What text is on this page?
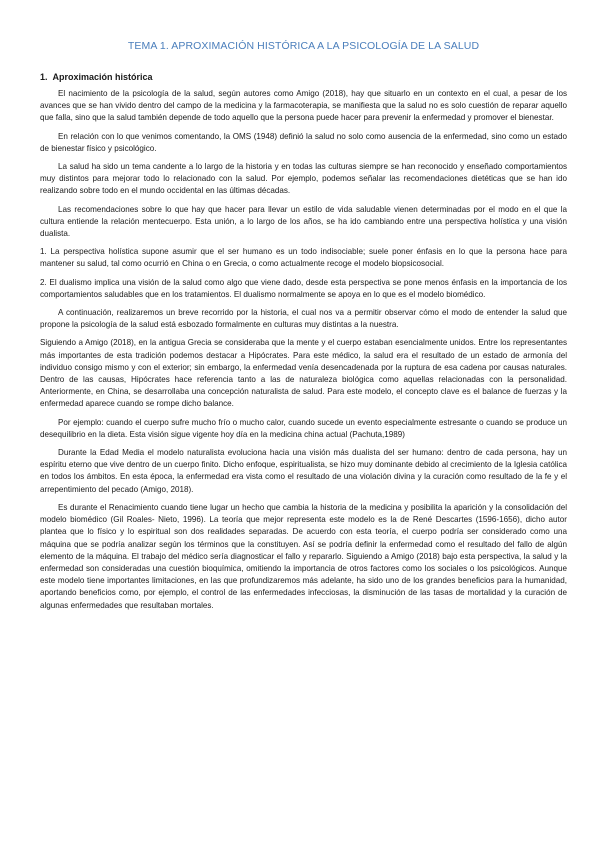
TEMA 1. APROXIMACIÓN HISTÓRICA A LA PSICOLOGÍA DE LA SALUD
1. Aproximación histórica

El nacimiento de la psicología de la salud, según autores como Amigo (2018), hay que situarlo en un contexto en el cual, a pesar de los avances que se han vivido dentro del campo de la medicina y la farmacoterapia, se manifiesta que la salud no es solo cuestión de reparar aquello que falla, sino que la salud también depende de todo aquello que la persona puede hacer para prevenir la enfermedad y promover el bienestar.

En relación con lo que venimos comentando, la OMS (1948) definió la salud no solo como ausencia de la enfermedad, sino como un estado de bienestar físico y psicológico.

La salud ha sido un tema candente a lo largo de la historia y en todas las culturas siempre se han reconocido y enseñado comportamientos muy distintos para mejorar todo lo relacionado con la salud. Por ejemplo, podemos señalar las recomendaciones dietéticas que se han ido realizando sobre todo en el mundo occidental en las últimas décadas.

Las recomendaciones sobre lo que hay que hacer para llevar un estilo de vida saludable vienen determinadas por el modo en el que la cultura entiende la relación mentecuerpo. Esta unión, a lo largo de los años, se ha ido cambiando entre una perspectiva holística y una visión dualista.

1. La perspectiva holística supone asumir que el ser humano es un todo indisociable; suele poner énfasis en lo que la persona hace para mantener su salud, tal como ocurrió en China o en Grecia, o como actualmente recoge el modelo biopsicosocial.

2. El dualismo implica una visión de la salud como algo que viene dado, desde esta perspectiva se pone menos énfasis en la importancia de los comportamientos saludables que en los tratamientos. El dualismo normalmente se apoya en lo que es el modelo biomédico.

A continuación, realizaremos un breve recorrido por la historia, el cual nos va a permitir observar cómo el modo de entender la salud que propone la psicología de la salud está esbozado formalmente en culturas muy distintas a la nuestra.

Siguiendo a Amigo (2018), en la antigua Grecia se consideraba que la mente y el cuerpo estaban esencialmente unidos. Entre los representantes más importantes de esta tradición podemos destacar a Hipócrates. Para este médico, la salud era el resultado de un estado de armonía del individuo consigo mismo y con el exterior; sin embargo, la enfermedad venía desencadenada por la ruptura de esa cadena por causas naturales. Dentro de las causas, Hipócrates hace referencia tanto a las de naturaleza biológica como aquellas relacionadas con la personalidad. Anteriormente, en China, se desarrollaba una concepción naturalista de salud. Para este modelo, el concepto clave es el balance de fuerzas y la enfermedad aparece cuando se rompe dicho balance.

Por ejemplo: cuando el cuerpo sufre mucho frío o mucho calor, cuando sucede un evento especialmente estresante o cuando se produce un desequilibrio en la dieta. Esta visión sigue vigente hoy día en la medicina china actual (Pachuta,1989)

Durante la Edad Media el modelo naturalista evoluciona hacia una visión más dualista del ser humano: dentro de cada persona, hay un espíritu eterno que vive dentro de un cuerpo finito. Dicho enfoque, espiritualista, se hizo muy dominante debido al crecimiento de la Iglesia católica en todos los ámbitos. En esta época, la enfermedad era vista como el resultado de una violación divina y la curación como resultado de la fe y el arrepentimiento del pecado (Amigo, 2018).

Es durante el Renacimiento cuando tiene lugar un hecho que cambia la historia de la medicina y posibilita la aparición y la consolidación del modelo biomédico (Gil Roales- Nieto, 1996). La teoría que mejor representa este modelo es la de René Descartes (1596-1656), dicho autor plantea que lo físico y lo espiritual son dos realidades separadas. De acuerdo con esta teoría, el cuerpo podría ser considerado como una máquina que se podría analizar según los términos que la constituyen. Así se podría definir la enfermedad como el resultado del fallo de algún elemento de la máquina. El trabajo del médico sería diagnosticar el fallo y repararlo. Siguiendo a Amigo (2018) bajo esta perspectiva, la salud y la enfermedad son consideradas una cuestión bioquímica, omitiendo la importancia de otros factores como los sociales o los psicológicos. Aunque este modelo tiene importantes limitaciones, en las que profundizaremos más adelante, ha sido uno de los grandes beneficios para la humanidad, aportando beneficios como, por ejemplo, el control de las enfermedades infecciosas, la disminución de las tasas de mortalidad y la curación de algunas enfermedades que resultaban mortales.
